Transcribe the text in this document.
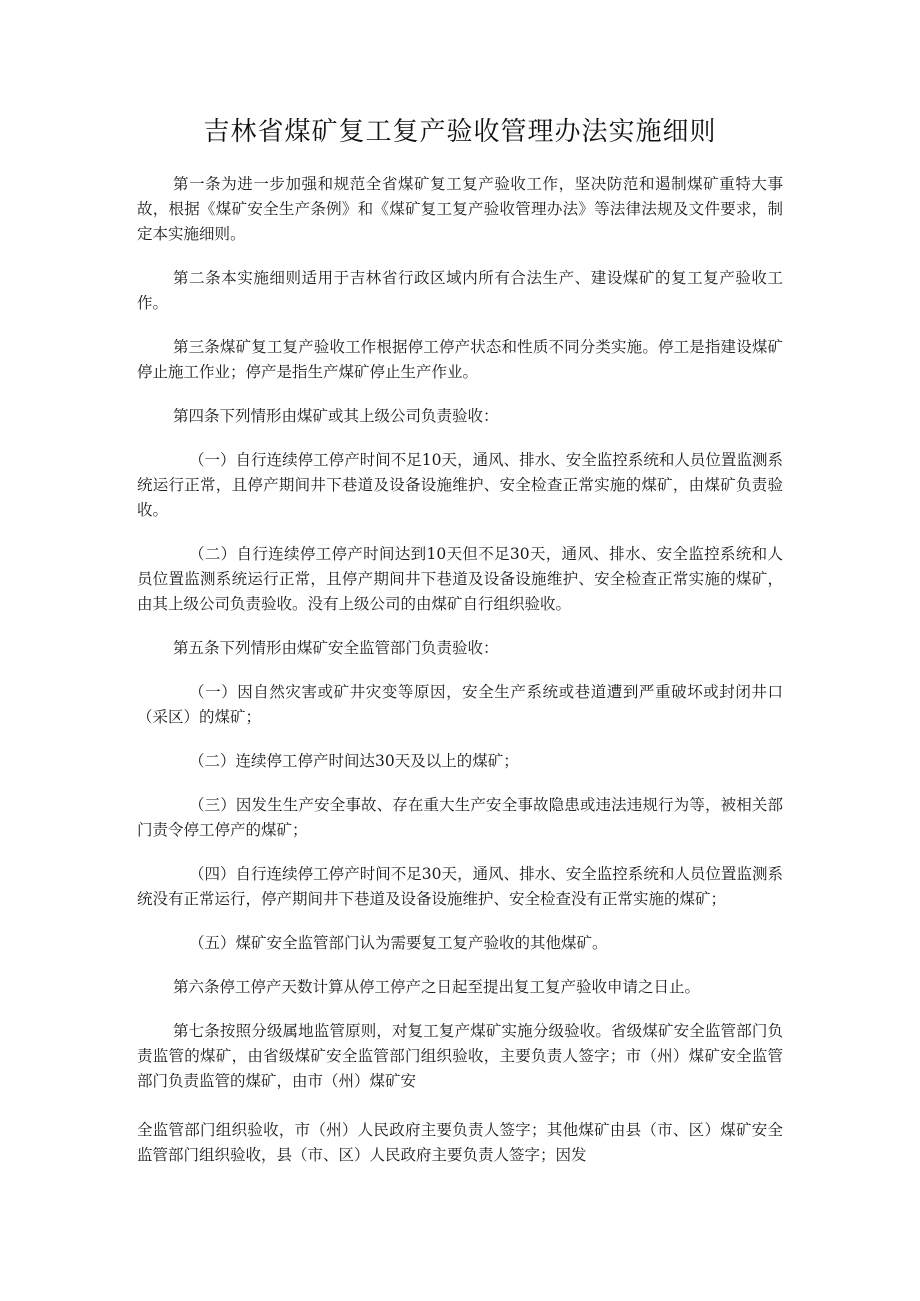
吉林省煤矿复工复产验收管理办法实施细则

第一条为进一步加强和规范全省煤矿复工复产验收工作，坚决防范和遏制煤矿重特大事故，根据《煤矿安全生产条例》和《煤矿复工复产验收管理办法》等法律法规及文件要求，制定本实施细则。

第二条本实施细则适用于吉林省行政区域内所有合法生产、建设煤矿的复工复产验收工作。

第三条煤矿复工复产验收工作根据停工停产状态和性质不同分类实施。停工是指建设煤矿停止施工作业；停产是指生产煤矿停止生产作业。

第四条下列情形由煤矿或其上级公司负责验收：

（一）自行连续停工停产时间不足10天，通风、排水、安全监控系统和人员位置监测系统运行正常，且停产期间井下巷道及设备设施维护、安全检查正常实施的煤矿，由煤矿负责验收。

（二）自行连续停工停产时间达到10天但不足30天，通风、排水、安全监控系统和人员位置监测系统运行正常，且停产期间井下巷道及设备设施维护、安全检查正常实施的煤矿，由其上级公司负责验收。没有上级公司的由煤矿自行组织验收。

第五条下列情形由煤矿安全监管部门负责验收：

（一）因自然灾害或矿井灾变等原因，安全生产系统或巷道遭到严重破坏或封闭井口（采区）的煤矿；

（二）连续停工停产时间达30天及以上的煤矿；

（三）因发生生产安全事故、存在重大生产安全事故隐患或违法违规行为等，被相关部门责令停工停产的煤矿；

（四）自行连续停工停产时间不足30天，通风、排水、安全监控系统和人员位置监测系统没有正常运行，停产期间井下巷道及设备设施维护、安全检查没有正常实施的煤矿；

（五）煤矿安全监管部门认为需要复工复产验收的其他煤矿。

第六条停工停产天数计算从停工停产之日起至提出复工复产验收申请之日止。

第七条按照分级属地监管原则，对复工复产煤矿实施分级验收。省级煤矿安全监管部门负责监管的煤矿，由省级煤矿安全监管部门组织验收，主要负责人签字；市（州）煤矿安全监管部门负责监管的煤矿，由市（州）煤矿安

全监管部门组织验收，市（州）人民政府主要负责人签字；其他煤矿由县（市、区）煤矿安全监管部门组织验收，县（市、区）人民政府主要负责人签字；因发
